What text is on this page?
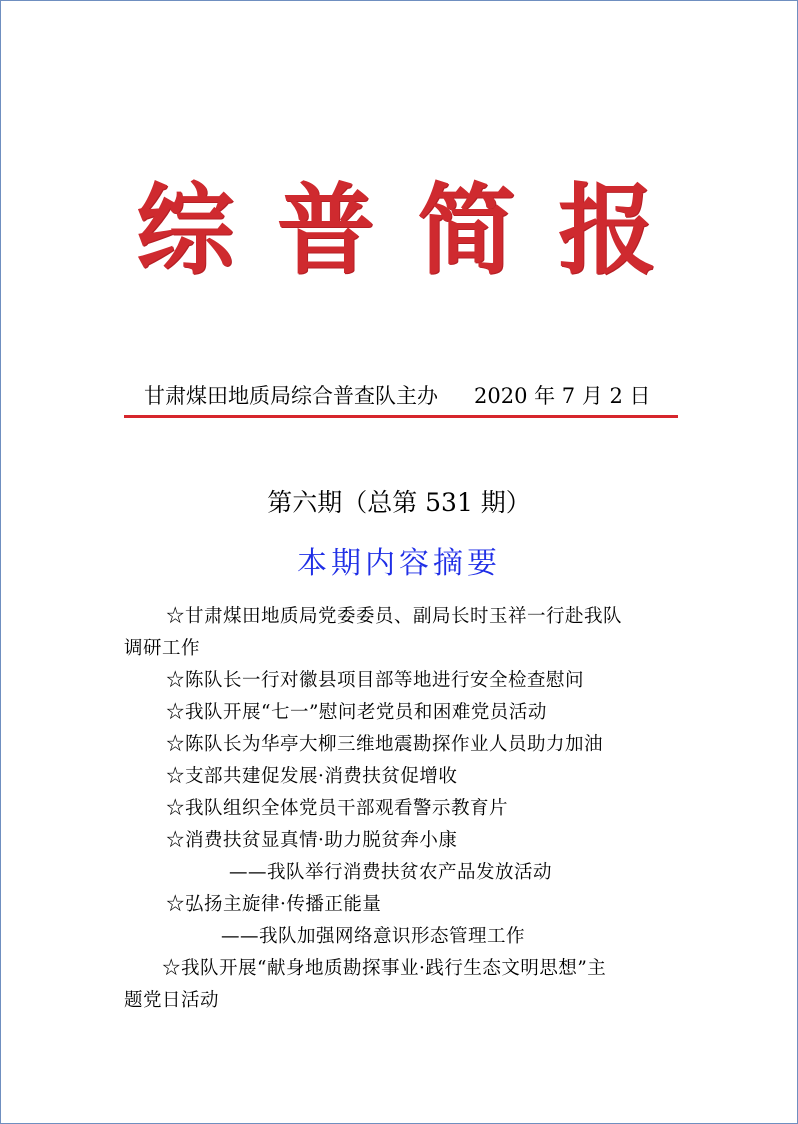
综 普 简 报
甘肃煤田地质局综合普查队主办 2020 年 7 月 2 日
第六期（总第 531 期）
本期内容摘要
☆甘肃煤田地质局党委委员、副局长时玉祥一行赴我队
调研工作
☆陈队长一行对徽县项目部等地进行安全检查慰问
☆我队开展“七一”慰问老党员和困难党员活动
☆陈队长为华亭大柳三维地震勘探作业人员助力加油
☆支部共建促发展·消费扶贫促增收
☆我队组织全体党员干部观看警示教育片
☆消费扶贫显真情·助力脱贫奔小康
——我队举行消费扶贫农产品发放活动
☆弘扬主旋律·传播正能量
——我队加强网络意识形态管理工作
☆我队开展“献身地质勘探事业·践行生态文明思想”主
题党日活动
